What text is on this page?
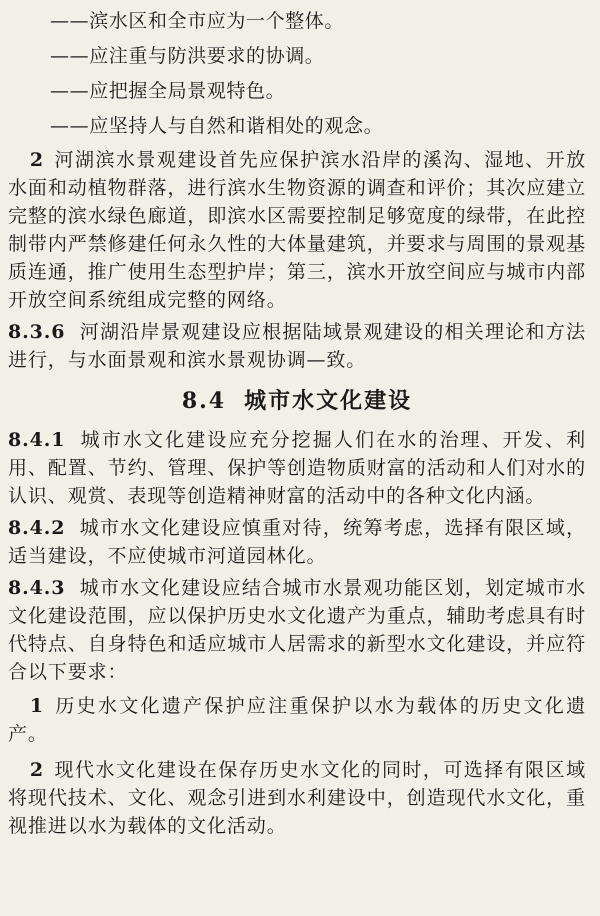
——滨水区和全市应为一个整体。
——应注重与防洪要求的协调。
——应把握全局景观特色。
——应坚持人与自然和谐相处的观念。

2 河湖滨水景观建设首先应保护滨水沿岸的溪沟、湿地、开放水面和动植物群落，进行滨水生物资源的调查和评价；其次应建立完整的滨水绿色廊道，即滨水区需要控制足够宽度的绿带，在此控制带内严禁修建任何永久性的大体量建筑，并要求与周围的景观基质连通，推广使用生态型护岸；第三，滨水开放空间应与城市内部开放空间系统组成完整的网络。

8.3.6 河湖沿岸景观建设应根据陆域景观建设的相关理论和方法进行，与水面景观和滨水景观协调—致。

8.4 城市水文化建设

8.4.1 城市水文化建设应充分挖掘人们在水的治理、开发、利用、配置、节约、管理、保护等创造物质财富的活动和人们对水的认识、观赏、表现等创造精神财富的活动中的各种文化内涵。

8.4.2 城市水文化建设应慎重对待，统筹考虑，选择有限区域，适当建设，不应使城市河道园林化。

8.4.3 城市水文化建设应结合城市水景观功能区划，划定城市水文化建设范围，应以保护历史水文化遗产为重点，辅助考虑具有时代特点、自身特色和适应城市人居需求的新型水文化建设，并应符合以下要求：

1 历史水文化遗产保护应注重保护以水为载体的历史文化遗产。

2 现代水文化建设在保存历史水文化的同时，可选择有限区域将现代技术、文化、观念引进到水利建设中，创造现代水文化，重视推进以水为载体的文化活动。
